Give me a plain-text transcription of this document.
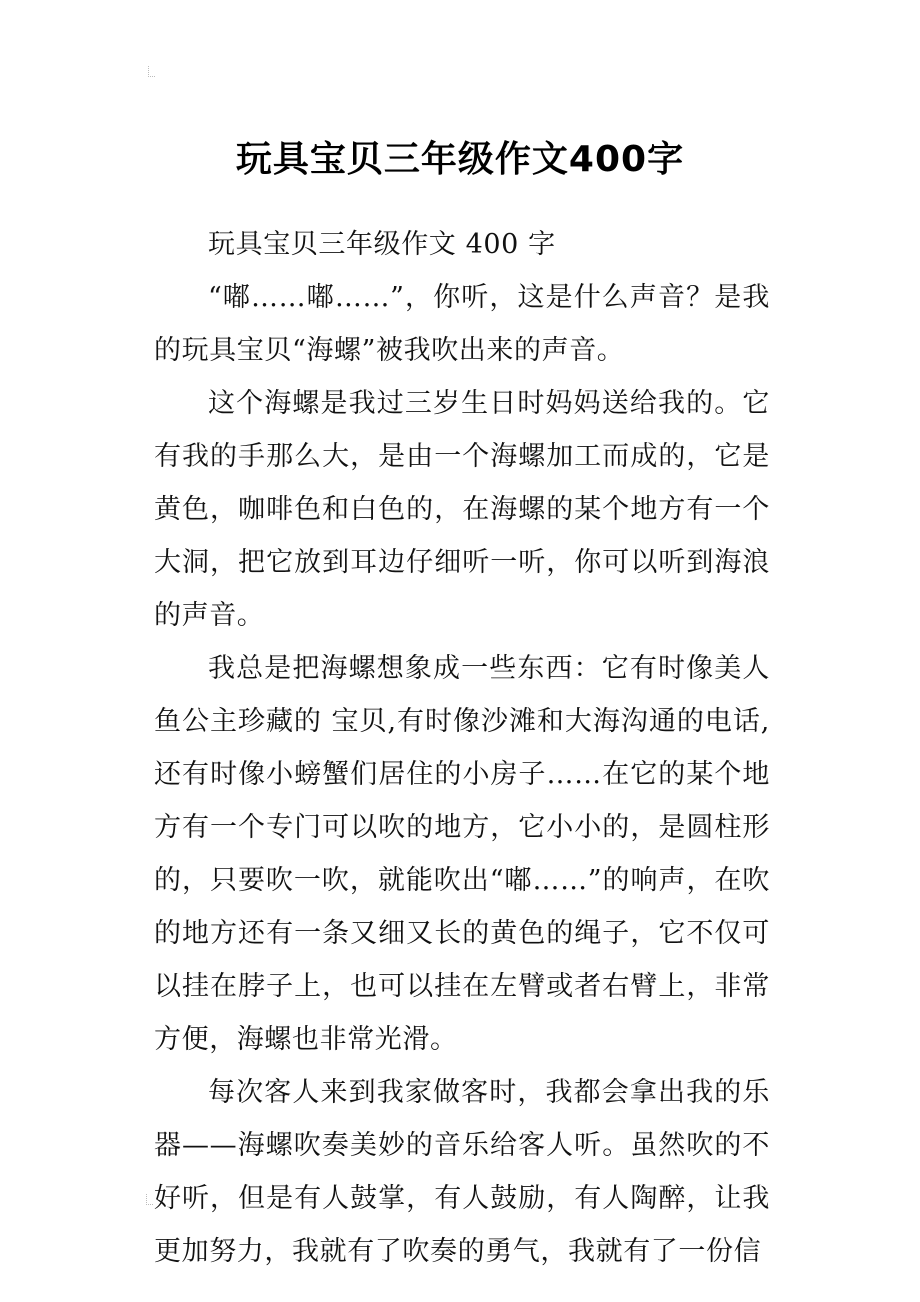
玩具宝贝三年级作文400字

玩具宝贝三年级作文 400 字

“嘟……嘟……”，你听，这是什么声音？是我的玩具宝贝“海螺”被我吹出来的声音。

这个海螺是我过三岁生日时妈妈送给我的。它有我的手那么大，是由一个海螺加工而成的，它是黄色，咖啡色和白色的，在海螺的某个地方有一个大洞，把它放到耳边仔细听一听，你可以听到海浪的声音。

我总是把海螺想象成一些东西：它有时像美人鱼公主珍藏的 宝贝,有时像沙滩和大海沟通的电话,还有时像小螃蟹们居住的小房子……在它的某个地方有一个专门可以吹的地方，它小小的，是圆柱形的，只要吹一吹，就能吹出“嘟……”的响声，在吹的地方还有一条又细又长的黄色的绳子，它不仅可以挂在脖子上，也可以挂在左臂或者右臂上，非常方便，海螺也非常光滑。

每次客人来到我家做客时，我都会拿出我的乐器——海螺吹奏美妙的音乐给客人听。虽然吹的不好听，但是有人鼓掌，有人鼓励，有人陶醉，让我更加努力，我就有了吹奏的勇气，我就有了一份信
